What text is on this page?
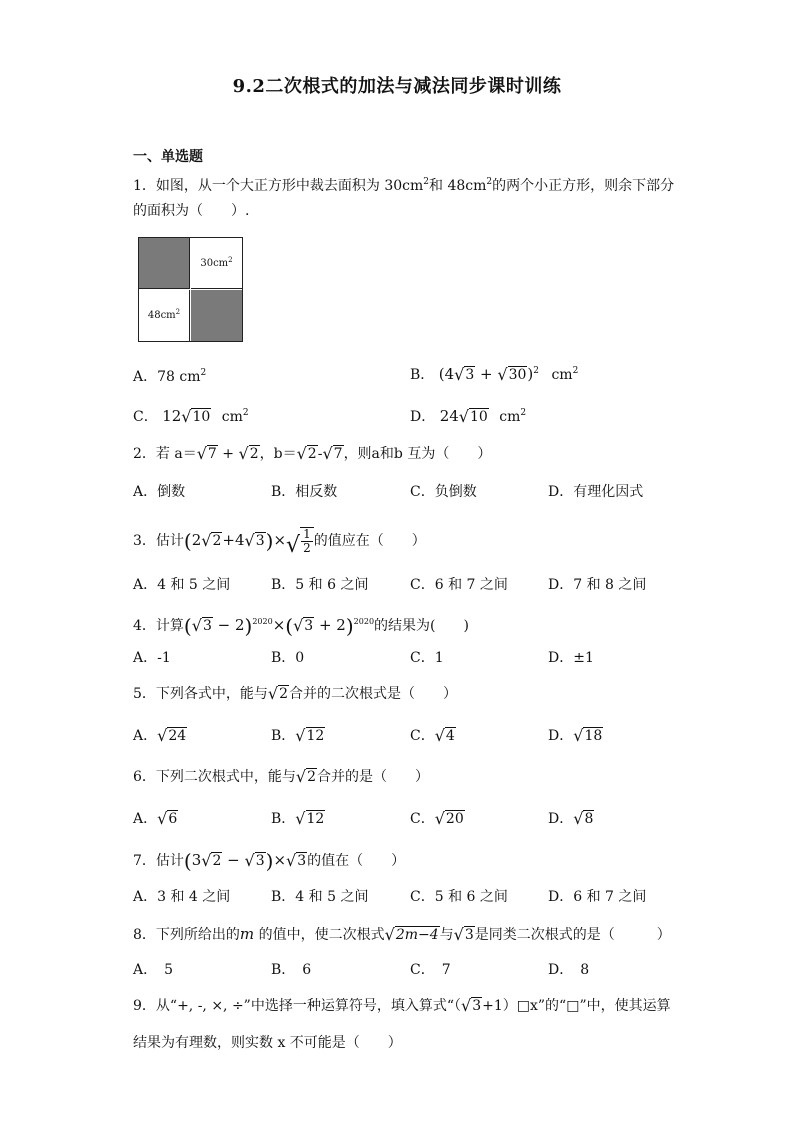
9.2二次根式的加法与减法同步课时训练
一、单选题
1．如图，从一个大正方形中裁去面积为 $30cm^2$和 $48cm^2$的两个小正方形，则余下部分
的面积为（　　）.
$30cm^2$
$48cm^2$
A．78 $cm^2$	B． (4 √ 3 + √ 30 )$^2$ $cm^2$
C． 12 √ 10 $cm^2$	D． 24 √ 10 $cm^2$
2．若 a＝ √ 7 + √ 2 ，b＝ √ 2 - √ 7 ，则a和b 互为（　　）
A．倒数	B．相反数	C．负倒数	D．有理化因式
3．估计(2 √ 2 +4 √ 3 )× √ $\frac{1}{2}$ 的值应在（　　）
A．4 和 5 之间	B．5 和 6 之间	C．6 和 7 之间	D．7 和 8 之间
4．计算( √ 3 − 2)$^{2020}$×( √ 3 + 2)$^{2020}$的结果为(　　)
A．-1	B．0	C．1	D．±1
5．下列各式中，能与 √ 2 合并的二次根式是（　　）
A． √ 24	B． √ 12	C． √ 4	D． √ 18
6．下列二次根式中，能与 √ 2 合并的是（　　）
A． √ 6	B． √ 12	C． √ 20	D． √ 8
7．估计(3 √ 2 − √ 3 )× √ 3 的值在（　　）
A．3 和 4 之间	B．4 和 5 之间	C．5 和 6 之间	D．6 和 7 之间
8．下列所给出的m 的值中，使二次根式 √ 2m−4 与 √ 3 是同类二次根式的是（　　　）
A．　5	B．　6	C．　7	D．　8
9．从“+, -, ×, ÷”中选择一种运算符号，填入算式“（ √ 3 +1）□x”的“□”中，使其运算
结果为有理数，则实数 x 不可能是（　　）
